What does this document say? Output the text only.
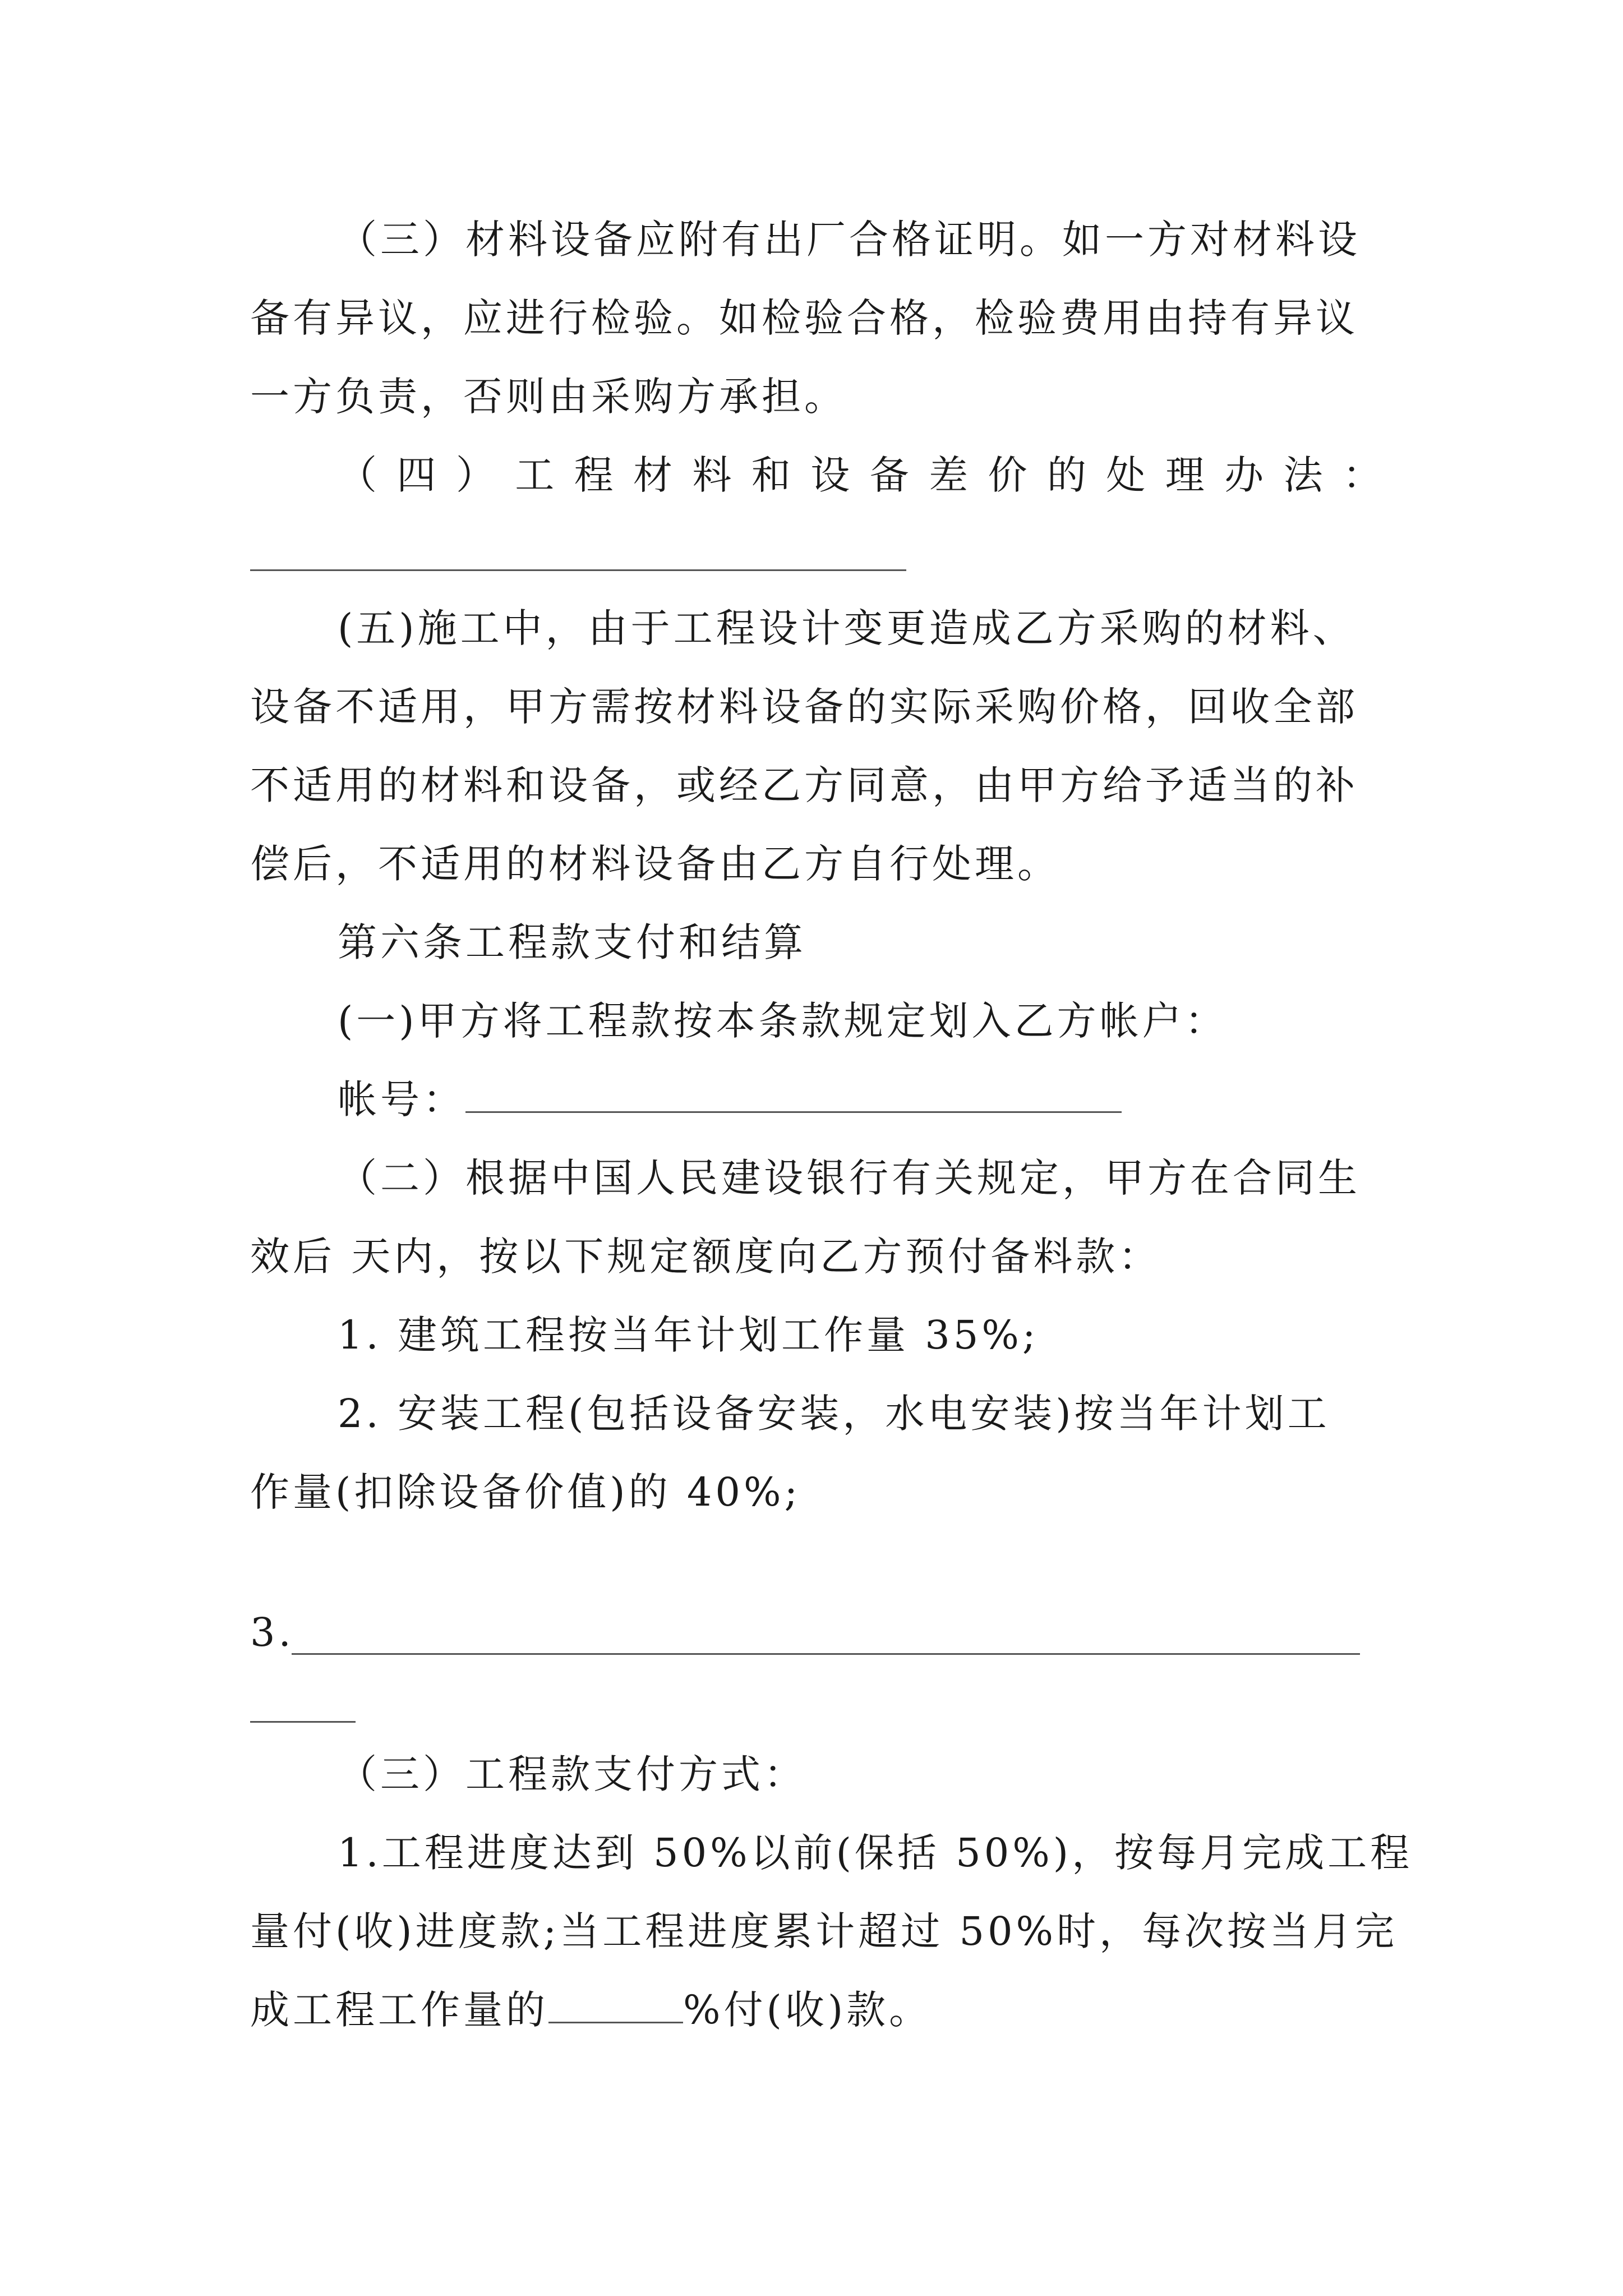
（三）材料设备应附有出厂合格证明。如一方对材料设
备有异议，应进行检验。如检验合格，检验费用由持有异议
一方负责，否则由采购方承担。
（四）工程材料和设备差价的处理办法：
(五)施工中，由于工程设计变更造成乙方采购的材料、
设备不适用，甲方需按材料设备的实际采购价格，回收全部
不适用的材料和设备，或经乙方同意，由甲方给予适当的补
偿后，不适用的材料设备由乙方自行处理。
第六条工程款支付和结算
(一)甲方将工程款按本条款规定划入乙方帐户：
帐号：
（二）根据中国人民建设银行有关规定，甲方在合同生
效后 天内，按以下规定额度向乙方预付备料款：
1. 建筑工程按当年计划工作量 35%;
2. 安装工程(包括设备安装，水电安装)按当年计划工
作量(扣除设备价值)的 40%;
3.
（三）工程款支付方式：
1.工程进度达到 50%以前(保括 50%)，按每月完成工程
量付(收)进度款;当工程进度累计超过 50%时，每次按当月完
成工程工作量的	%付(收)款。
